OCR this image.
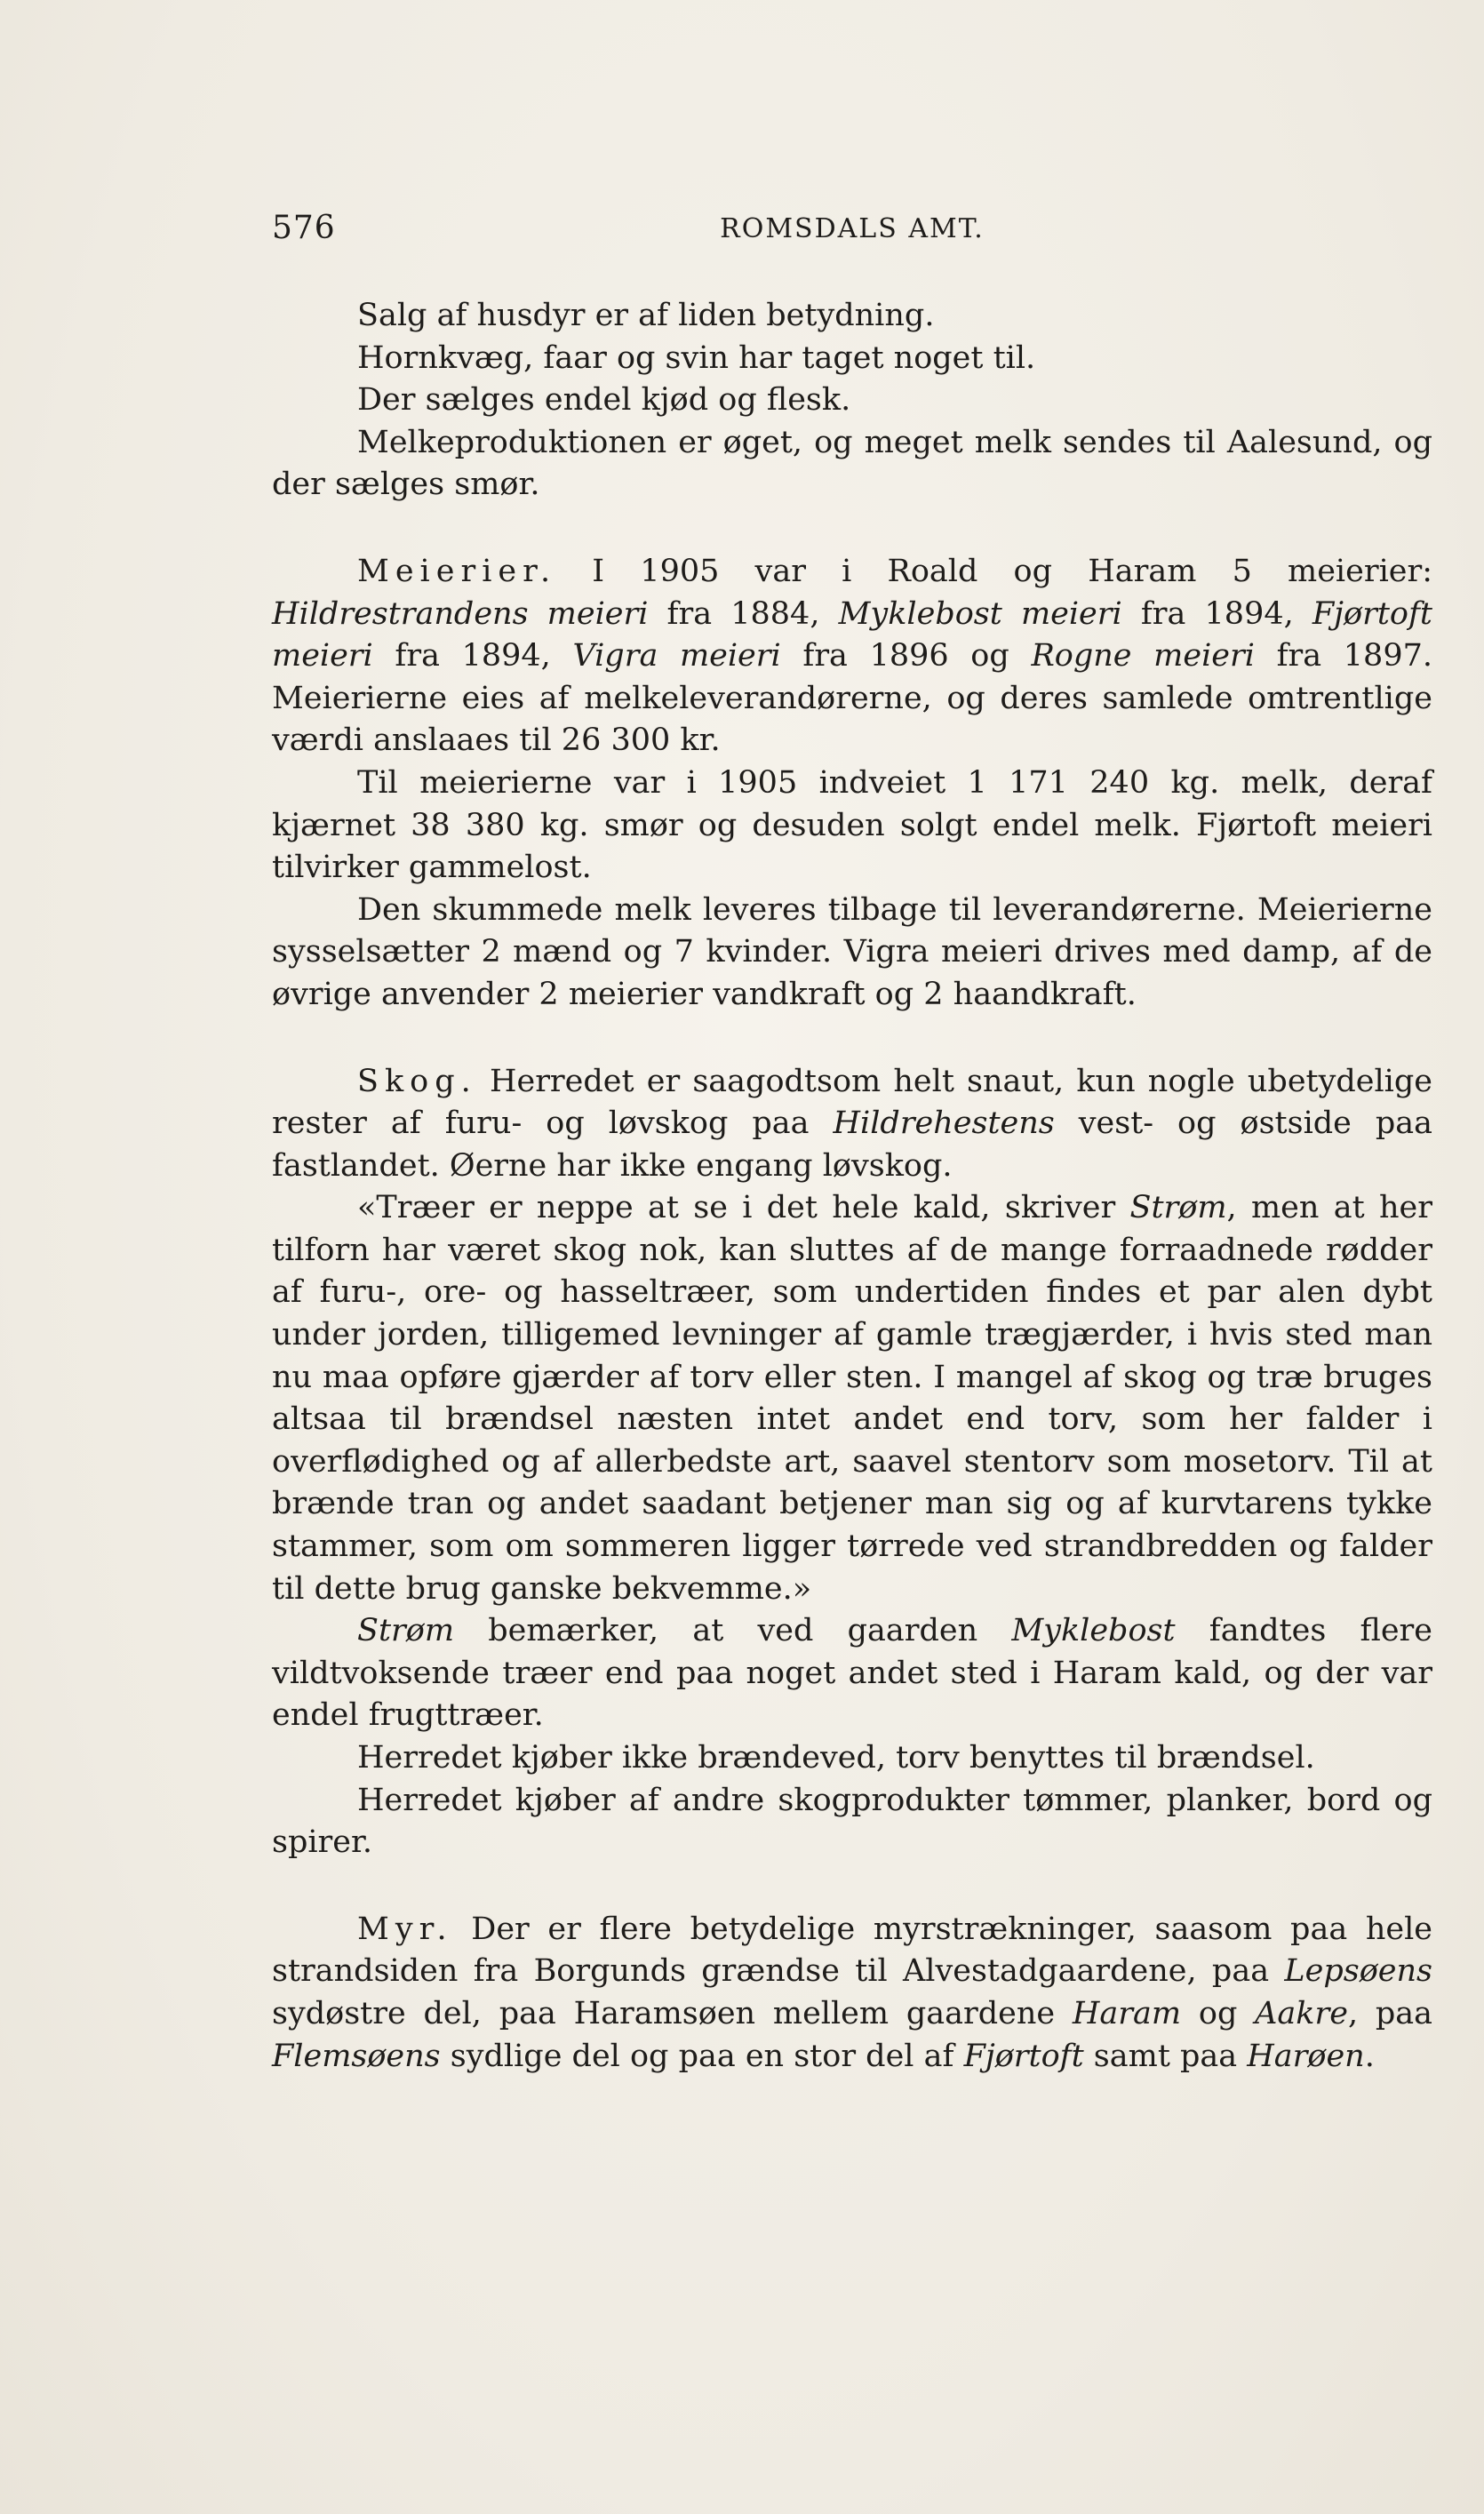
576	ROMSDALS AMT.

Salg af husdyr er af liden betydning.

Hornkvæg, faar og svin har taget noget til.

Der sælges endel kjød og flesk.

Melkeproduktionen er øget, og meget melk sendes til Aalesund, og der sælges smør.

Meierier. I 1905 var i Roald og Haram 5 meierier: Hildrestrandens meieri fra 1884, Myklebost meieri fra 1894, Fjørtoft meieri fra 1894, Vigra meieri fra 1896 og Rogne meieri fra 1897. Meierierne eies af melkeleverandørerne, og deres samlede omtrentlige værdi anslaaes til 26 300 kr.

Til meierierne var i 1905 indveiet 1 171 240 kg. melk, deraf kjærnet 38 380 kg. smør og desuden solgt endel melk. Fjørtoft meieri tilvirker gammelost.

Den skummede melk leveres tilbage til leverandørerne. Meierierne sysselsætter 2 mænd og 7 kvinder. Vigra meieri drives med damp, af de øvrige anvender 2 meierier vandkraft og 2 haandkraft.

Skog. Herredet er saagodtsom helt snaut, kun nogle ubetydelige rester af furu- og løvskog paa Hildrehestens vest- og østside paa fastlandet. Øerne har ikke engang løvskog.

«Træer er neppe at se i det hele kald, skriver Strøm, men at her tilforn har været skog nok, kan sluttes af de mange forraadnede rødder af furu-, ore- og hasseltræer, som undertiden findes et par alen dybt under jorden, tilligemed levninger af gamle trægjærder, i hvis sted man nu maa opføre gjærder af torv eller sten. I mangel af skog og træ bruges altsaa til brændsel næsten intet andet end torv, som her falder i overflødighed og af allerbedste art, saavel stentorv som mosetorv. Til at brænde tran og andet saadant betjener man sig og af kurvtarens tykke stammer, som om sommeren ligger tørrede ved strandbredden og falder til dette brug ganske bekvemme.»

Strøm bemærker, at ved gaarden Myklebost fandtes flere vildtvoksende træer end paa noget andet sted i Haram kald, og der var endel frugttræer.

Herredet kjøber ikke brændeved, torv benyttes til brændsel.

Herredet kjøber af andre skogprodukter tømmer, planker, bord og spirer.

Myr. Der er flere betydelige myrstrækninger, saasom paa hele strandsiden fra Borgunds grændse til Alvestadgaardene, paa Lepsøens sydøstre del, paa Haramsøen mellem gaardene Haram og Aakre, paa Flemsøens sydlige del og paa en stor del af Fjørtoft samt paa Harøen.
